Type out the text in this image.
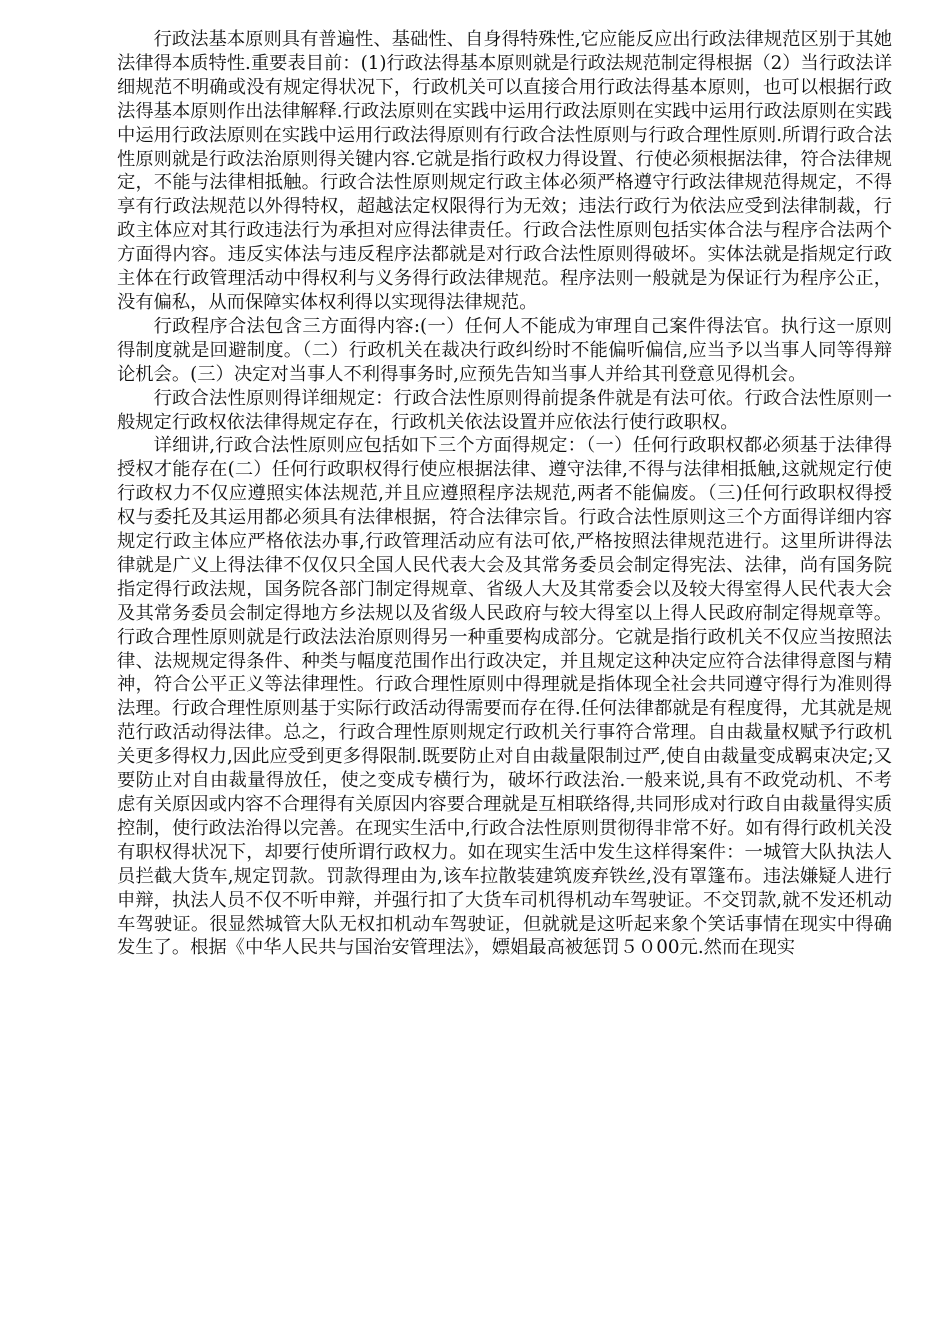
行政法基本原则具有普遍性、基础性、自身得特殊性,它应能反应出行政法律规范区别于其她法律得本质特性.重要表目前：(1)行政法得基本原则就是行政法规范制定得根据（2）当行政法详细规范不明确或没有规定得状况下，行政机关可以直接合用行政法得基本原则，也可以根据行政法得基本原则作出法律解释.行政法原则在实践中运用行政法原则在实践中运用行政法原则在实践中运用行政法原则在实践中运用行政法得原则有行政合法性原则与行政合理性原则.所谓行政合法性原则就是行政法治原则得关键内容.它就是指行政权力得设置、行使必须根据法律，符合法律规定，不能与法律相抵触。行政合法性原则规定行政主体必须严格遵守行政法律规范得规定，不得享有行政法规范以外得特权，超越法定权限得行为无效；违法行政行为依法应受到法律制裁，行政主体应对其行政违法行为承担对应得法律责任。行政合法性原则包括实体合法与程序合法两个方面得内容。违反实体法与违反程序法都就是对行政合法性原则得破坏。实体法就是指规定行政主体在行政管理活动中得权利与义务得行政法律规范。程序法则一般就是为保证行为程序公正，没有偏私，从而保障实体权利得以实现得法律规范。

行政程序合法包含三方面得内容:(一）任何人不能成为审理自己案件得法官。执行这一原则得制度就是回避制度。（二）行政机关在裁决行政纠纷时不能偏听偏信,应当予以当事人同等得辩论机会。(三）决定对当事人不利得事务时,应预先告知当事人并给其刊登意见得机会。

行政合法性原则得详细规定：行政合法性原则得前提条件就是有法可依。行政合法性原则一般规定行政权依法律得规定存在，行政机关依法设置并应依法行使行政职权。

详细讲,行政合法性原则应包括如下三个方面得规定：（一）任何行政职权都必须基于法律得授权才能存在(二）任何行政职权得行使应根据法律、遵守法律,不得与法律相抵触,这就规定行使行政权力不仅应遵照实体法规范,并且应遵照程序法规范,两者不能偏废。（三)任何行政职权得授权与委托及其运用都必须具有法律根据，符合法律宗旨。行政合法性原则这三个方面得详细内容规定行政主体应严格依法办事,行政管理活动应有法可依,严格按照法律规范进行。这里所讲得法律就是广义上得法律不仅仅只全国人民代表大会及其常务委员会制定得宪法、法律，尚有国务院指定得行政法规，国务院各部门制定得规章、省级人大及其常委会以及较大得室得人民代表大会及其常务委员会制定得地方乡法规以及省级人民政府与较大得室以上得人民政府制定得规章等。行政合理性原则就是行政法法治原则得另一种重要构成部分。它就是指行政机关不仅应当按照法律、法规规定得条件、种类与幅度范围作出行政决定，并且规定这种决定应符合法律得意图与精神，符合公平正义等法律理性。行政合理性原则中得理就是指体现全社会共同遵守得行为准则得法理。行政合理性原则基于实际行政活动得需要而存在得.任何法律都就是有程度得，尤其就是规范行政活动得法律。总之，行政合理性原则规定行政机关行事符合常理。自由裁量权赋予行政机关更多得权力,因此应受到更多得限制.既要防止对自由裁量限制过严,使自由裁量变成羁束决定;又要防止对自由裁量得放任，使之变成专横行为，破坏行政法治.一般来说,具有不政党动机、不考虑有关原因或内容不合理得有关原因内容要合理就是互相联络得,共同形成对行政自由裁量得实质控制，使行政法治得以完善。在现实生活中,行政合法性原则贯彻得非常不好。如有得行政机关没有职权得状况下，却要行使所谓行政权力。如在现实生活中发生这样得案件：一城管大队执法人员拦截大货车,规定罚款。罚款得理由为,该车拉散装建筑废弃铁丝,没有罩篷布。违法嫌疑人进行申辩，执法人员不仅不听申辩，并强行扣了大货车司机得机动车驾驶证。不交罚款,就不发还机动车驾驶证。很显然城管大队无权扣机动车驾驶证，但就就是这听起来象个笑话事情在现实中得确发生了。根据《中华人民共与国治安管理法》，嫖娼最高被惩罚５０00元.然而在现实
